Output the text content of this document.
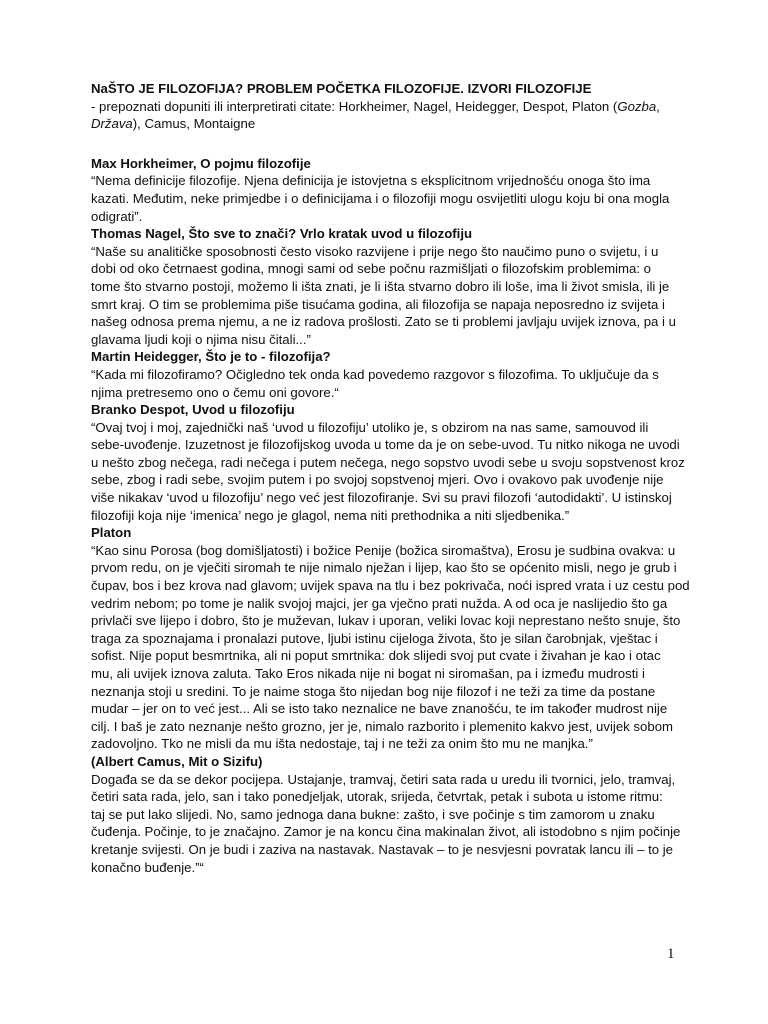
NaŠTO JE FILOZOFIJA? PROBLEM POČETKA FILOZOFIJE. IZVORI FILOZOFIJE
- prepoznati dopuniti ili interpretirati citate: Horkheimer, Nagel, Heidegger, Despot, Platon (Gozba,
Država), Camus, Montaigne
Max Horkheimer, O pojmu filozofije
“Nema definicije filozofije. Njena definicija je istovjetna s eksplicitnom vrijednošću onoga što ima
kazati. Međutim, neke primjedbe i o definicijama i o filozofiji mogu osvijetliti ulogu koju bi ona mogla
odigrati”.
Thomas Nagel, Što sve to znači? Vrlo kratak uvod u filozofiju
“Naše su analitičke sposobnosti često visoko razvijene i prije nego što naučimo puno o svijetu, i u
dobi od oko četrnaest godina, mnogi sami od sebe počnu razmišljati o filozofskim problemima: o
tome što stvarno postoji, možemo li išta znati, je li išta stvarno dobro ili loše, ima li život smisla, ili je
smrt kraj. O tim se problemima piše tisućama godina, ali filozofija se napaja neposredno iz svijeta i
našeg odnosa prema njemu, a ne iz radova prošlosti. Zato se ti problemi javljaju uvijek iznova, pa i u
glavama ljudi koji o njima nisu čitali...”
Martin Heidegger, Što je to - filozofija?
“Kada mi filozofiramo? Očigledno tek onda kad povedemo razgovor s filozofima. To uključuje da s
njima pretresemo ono o čemu oni govore.“
Branko Despot, Uvod u filozofiju
“Ovaj tvoj i moj, zajednički naš ‘uvod u filozofiju’ utoliko je, s obzirom na nas same, samouvod ili
sebe-uvođenje. Izuzetnost je filozofijskog uvoda u tome da je on sebe-uvod. Tu nitko nikoga ne uvodi
u nešto zbog nečega, radi nečega i putem nečega, nego sopstvo uvodi sebe u svoju sopstvenost kroz
sebe, zbog i radi sebe, svojim putem i po svojoj sopstvenoj mjeri. Ovo i ovakovo pak uvođenje nije
više nikakav ‘uvod u filozofiju’ nego već jest filozofiranje. Svi su pravi filozofi ‘autodidakti’. U istinskoj
filozofiji koja nije ‘imenica’ nego je glagol, nema niti prethodnika a niti sljedbenika.”
Platon
“Kao sinu Porosa (bog domišljatosti) i božice Penije (božica siromaštva), Erosu je sudbina ovakva: u
prvom redu, on je vječiti siromah te nije nimalo nježan i lijep, kao što se općenito misli, nego je grub i
čupav, bos i bez krova nad glavom; uvijek spava na tlu i bez pokrivača, noći ispred vrata i uz cestu pod
vedrim nebom; po tome je nalik svojoj majci, jer ga vječno prati nužda. A od oca je naslijedio što ga
privlači sve lijepo i dobro, što je muževan, lukav i uporan, veliki lovac koji neprestano nešto snuje, što
traga za spoznajama i pronalazi putove, ljubi istinu cijeloga života, što je silan čarobnjak, vještac i
sofist. Nije poput besmrtnika, ali ni poput smrtnika: dok slijedi svoj put cvate i živahan je kao i otac
mu, ali uvijek iznova zaluta. Tako Eros nikada nije ni bogat ni siromašan, pa i između mudrosti i
neznanja stoji u sredini. To je naime stoga što nijedan bog nije filozof i ne teži za time da postane
mudar – jer on to već jest... Ali se isto tako neznalice ne bave znanošću, te im također mudrost nije
cilj. I baš je zato neznanje nešto grozno, jer je, nimalo razborito i plemenito kakvo jest, uvijek sobom
zadovoljno. Tko ne misli da mu išta nedostaje, taj i ne teži za onim što mu ne manjka.”
(Albert Camus, Mit o Sizifu)
Događa se da se dekor pocijepa. Ustajanje, tramvaj, četiri sata rada u uredu ili tvornici, jelo, tramvaj,
četiri sata rada, jelo, san i tako ponedjeljak, utorak, srijeda, četvrtak, petak i subota u istome ritmu:
taj se put lako slijedi. No, samo jednoga dana bukne: zašto, i sve počinje s tim zamorom u znaku
čuđenja. Počinje, to je značajno. Zamor je na koncu čina makinalan život, ali istodobno s njim počinje
kretanje svijesti. On je budi i zaziva na nastavak. Nastavak – to je nesvjesni povratak lancu ili – to je
konačno buđenje.”“
1
